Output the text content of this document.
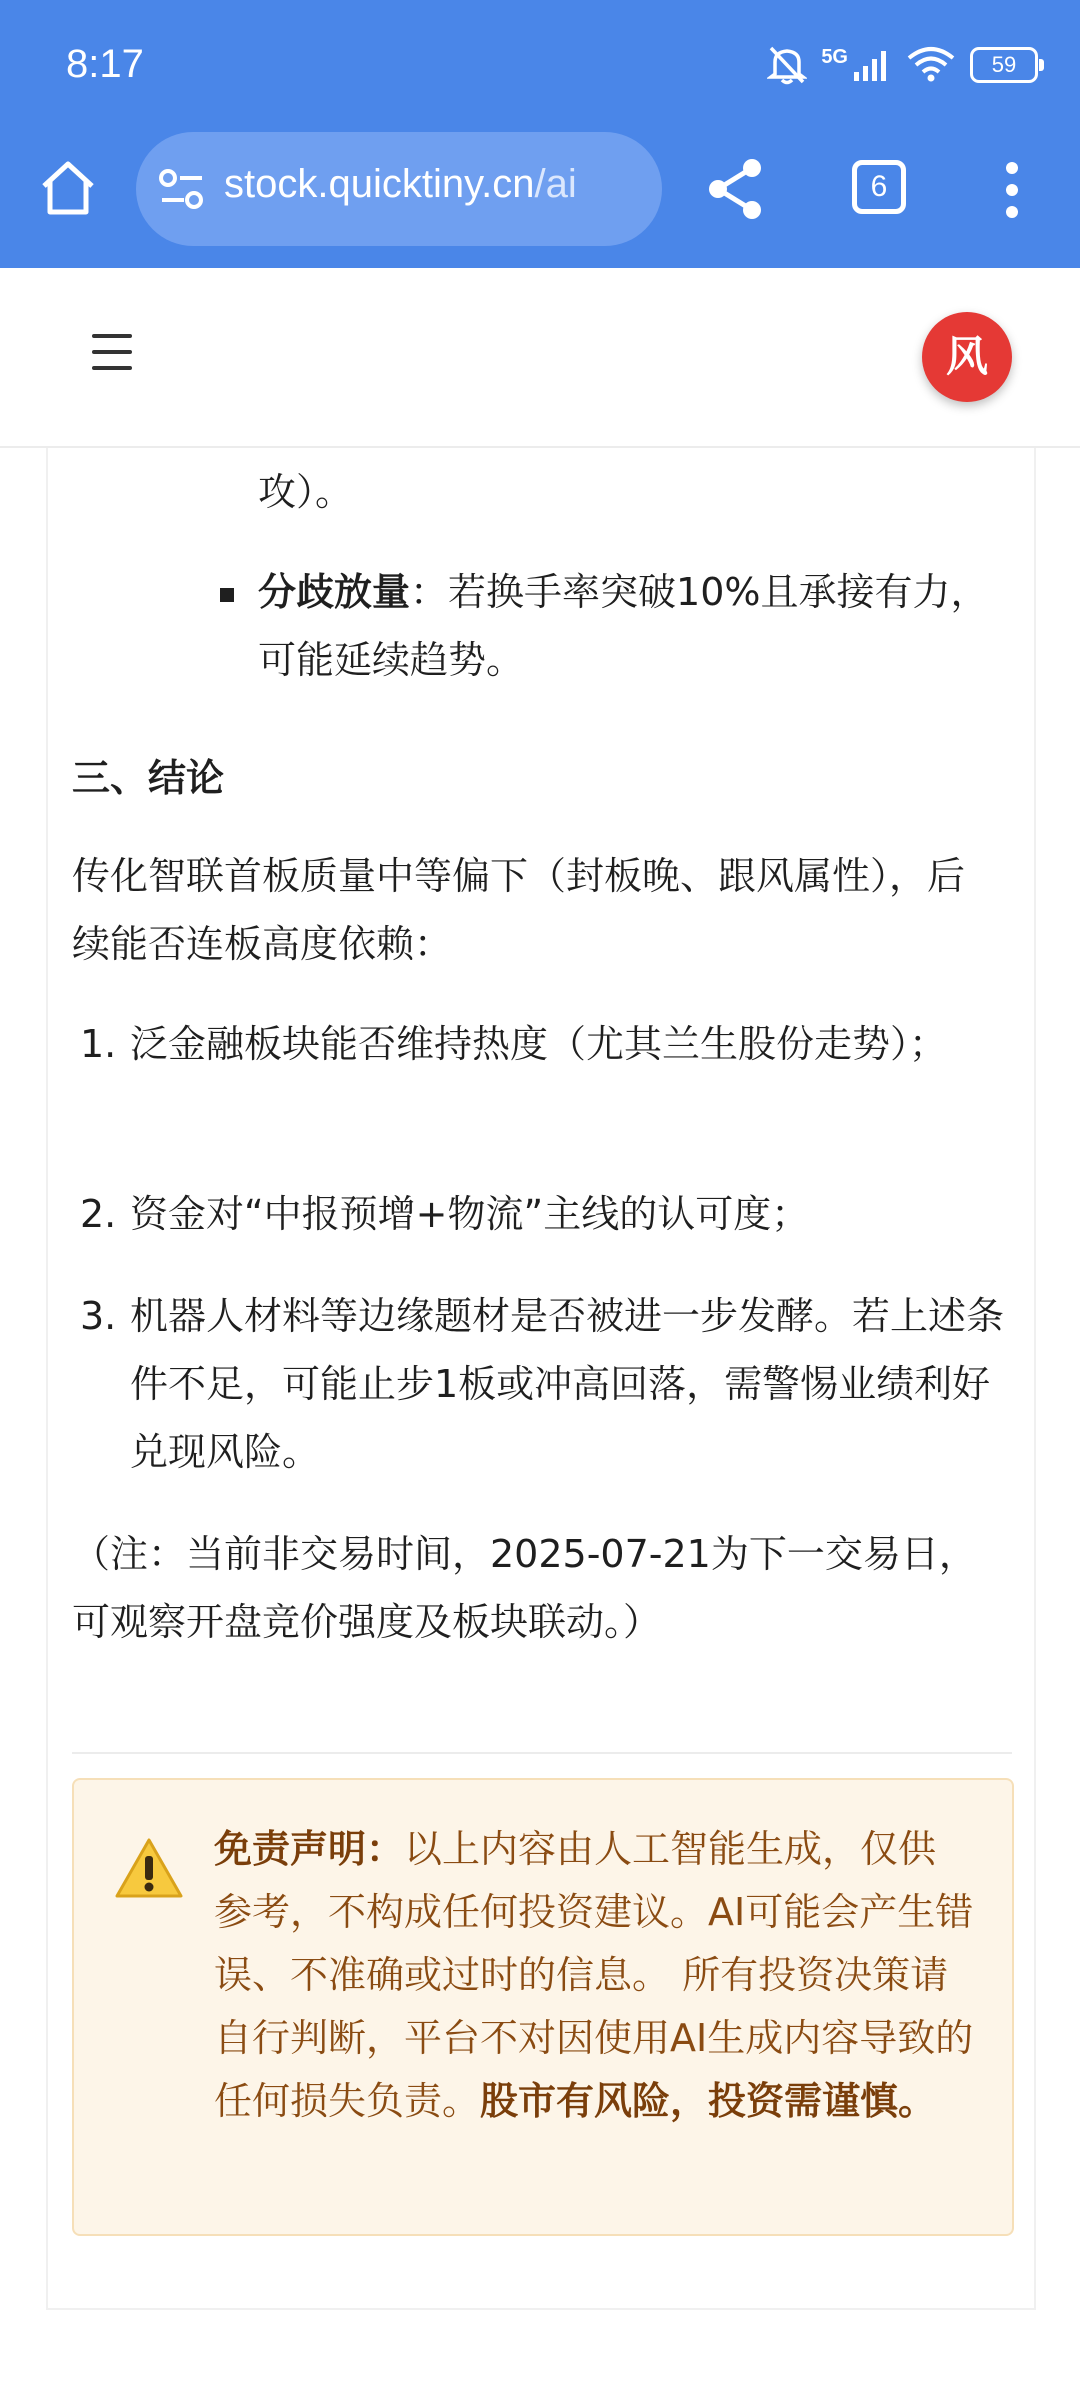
8:17	5G	59
stock.quicktiny.cn/ai	6
风
攻）。
分歧放量：若换手率突破10%且承接有力，可能延续趋势。
三、结论
传化智联首板质量中等偏下（封板晚、跟风属性），后续能否连板高度依赖：
1. 泛金融板块能否维持热度（尤其兰生股份走势）；
2. 资金对“中报预增+物流”主线的认可度；
3. 机器人材料等边缘题材是否被进一步发酵。若上述条件不足，可能止步1板或冲高回落，需警惕业绩利好兑现风险。
（注：当前非交易时间，2025-07-21为下一交易日，可观察开盘竞价强度及板块联动。）
免责声明：以上内容由人工智能生成，仅供参考，不构成任何投资建议。AI可能会产生错误、不准确或过时的信息。 所有投资决策请自行判断，平台不对因使用AI生成内容导致的任何损失负责。股市有风险，投资需谨慎。
